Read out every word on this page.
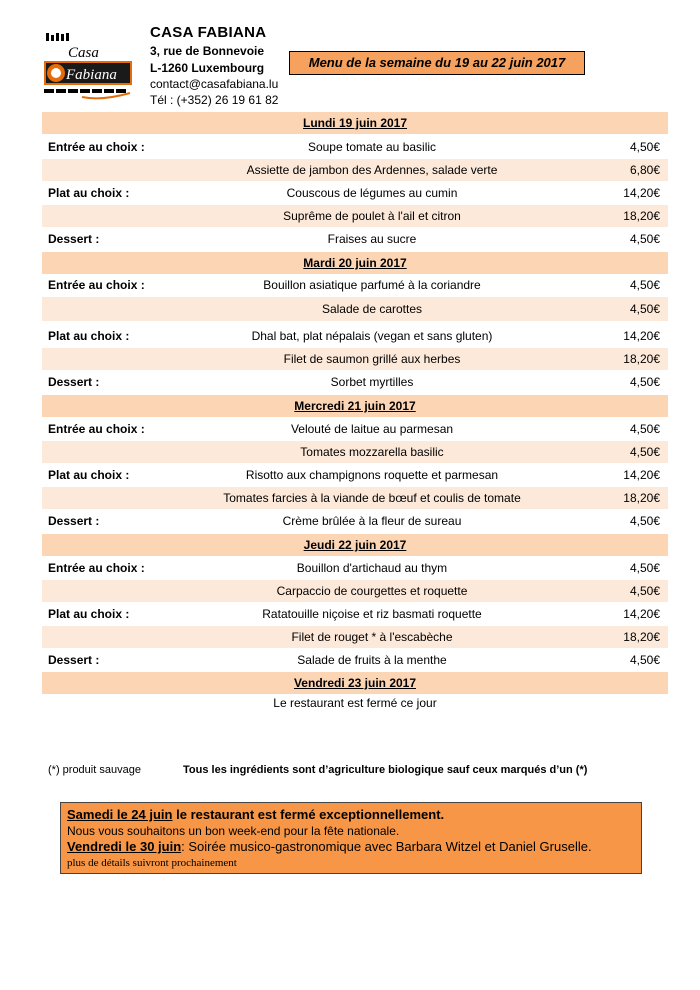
Casa
Fabiana
CASA FABIANA
3, rue de Bonnevoie
L-1260 Luxembourg
contact@casafabiana.lu
Tél : (+352) 26 19 61 82
Menu de la semaine du 19 au 22 juin 2017
Lundi 19 juin 2017
Entrée au choix :	Soupe tomate au basilic	4,50€
Assiette de jambon des Ardennes, salade verte	6,80€
Plat au choix :	Couscous de légumes au cumin	14,20€
Suprême de poulet à l'ail et citron	18,20€
Dessert :	Fraises au sucre	4,50€
Mardi 20 juin 2017
Entrée au choix :	Bouillon asiatique parfumé à la coriandre	4,50€
Salade de carottes	4,50€
Plat au choix :	Dhal bat, plat népalais (vegan et sans gluten)	14,20€
Filet de saumon grillé aux herbes	18,20€
Dessert :	Sorbet myrtilles	4,50€
Mercredi 21 juin 2017
Entrée au choix :	Velouté de laitue au parmesan	4,50€
Tomates mozzarella basilic	4,50€
Plat au choix :	Risotto aux champignons roquette et parmesan	14,20€
Tomates farcies à la viande de bœuf et coulis de tomate	18,20€
Dessert :	Crème brûlée à la fleur de sureau	4,50€
Jeudi 22 juin 2017
Entrée au choix :	Bouillon d'artichaud au thym	4,50€
Carpaccio de courgettes et roquette	4,50€
Plat au choix :	Ratatouille niçoise et riz basmati roquette	14,20€
Filet de rouget * à l'escabèche	18,20€
Dessert :	Salade de fruits à la menthe	4,50€
Vendredi 23 juin 2017
Le restaurant est fermé ce jour
(*) produit sauvage	Tous les ingrédients sont d’agriculture biologique sauf ceux marqués d’un (*)
Samedi le 24 juin le restaurant est fermé exceptionnellement.
Nous vous souhaitons un bon week-end pour la fête nationale.
Vendredi le 30 juin: Soirée musico-gastronomique avec Barbara Witzel et Daniel Gruselle.
plus de détails suivront prochainement
